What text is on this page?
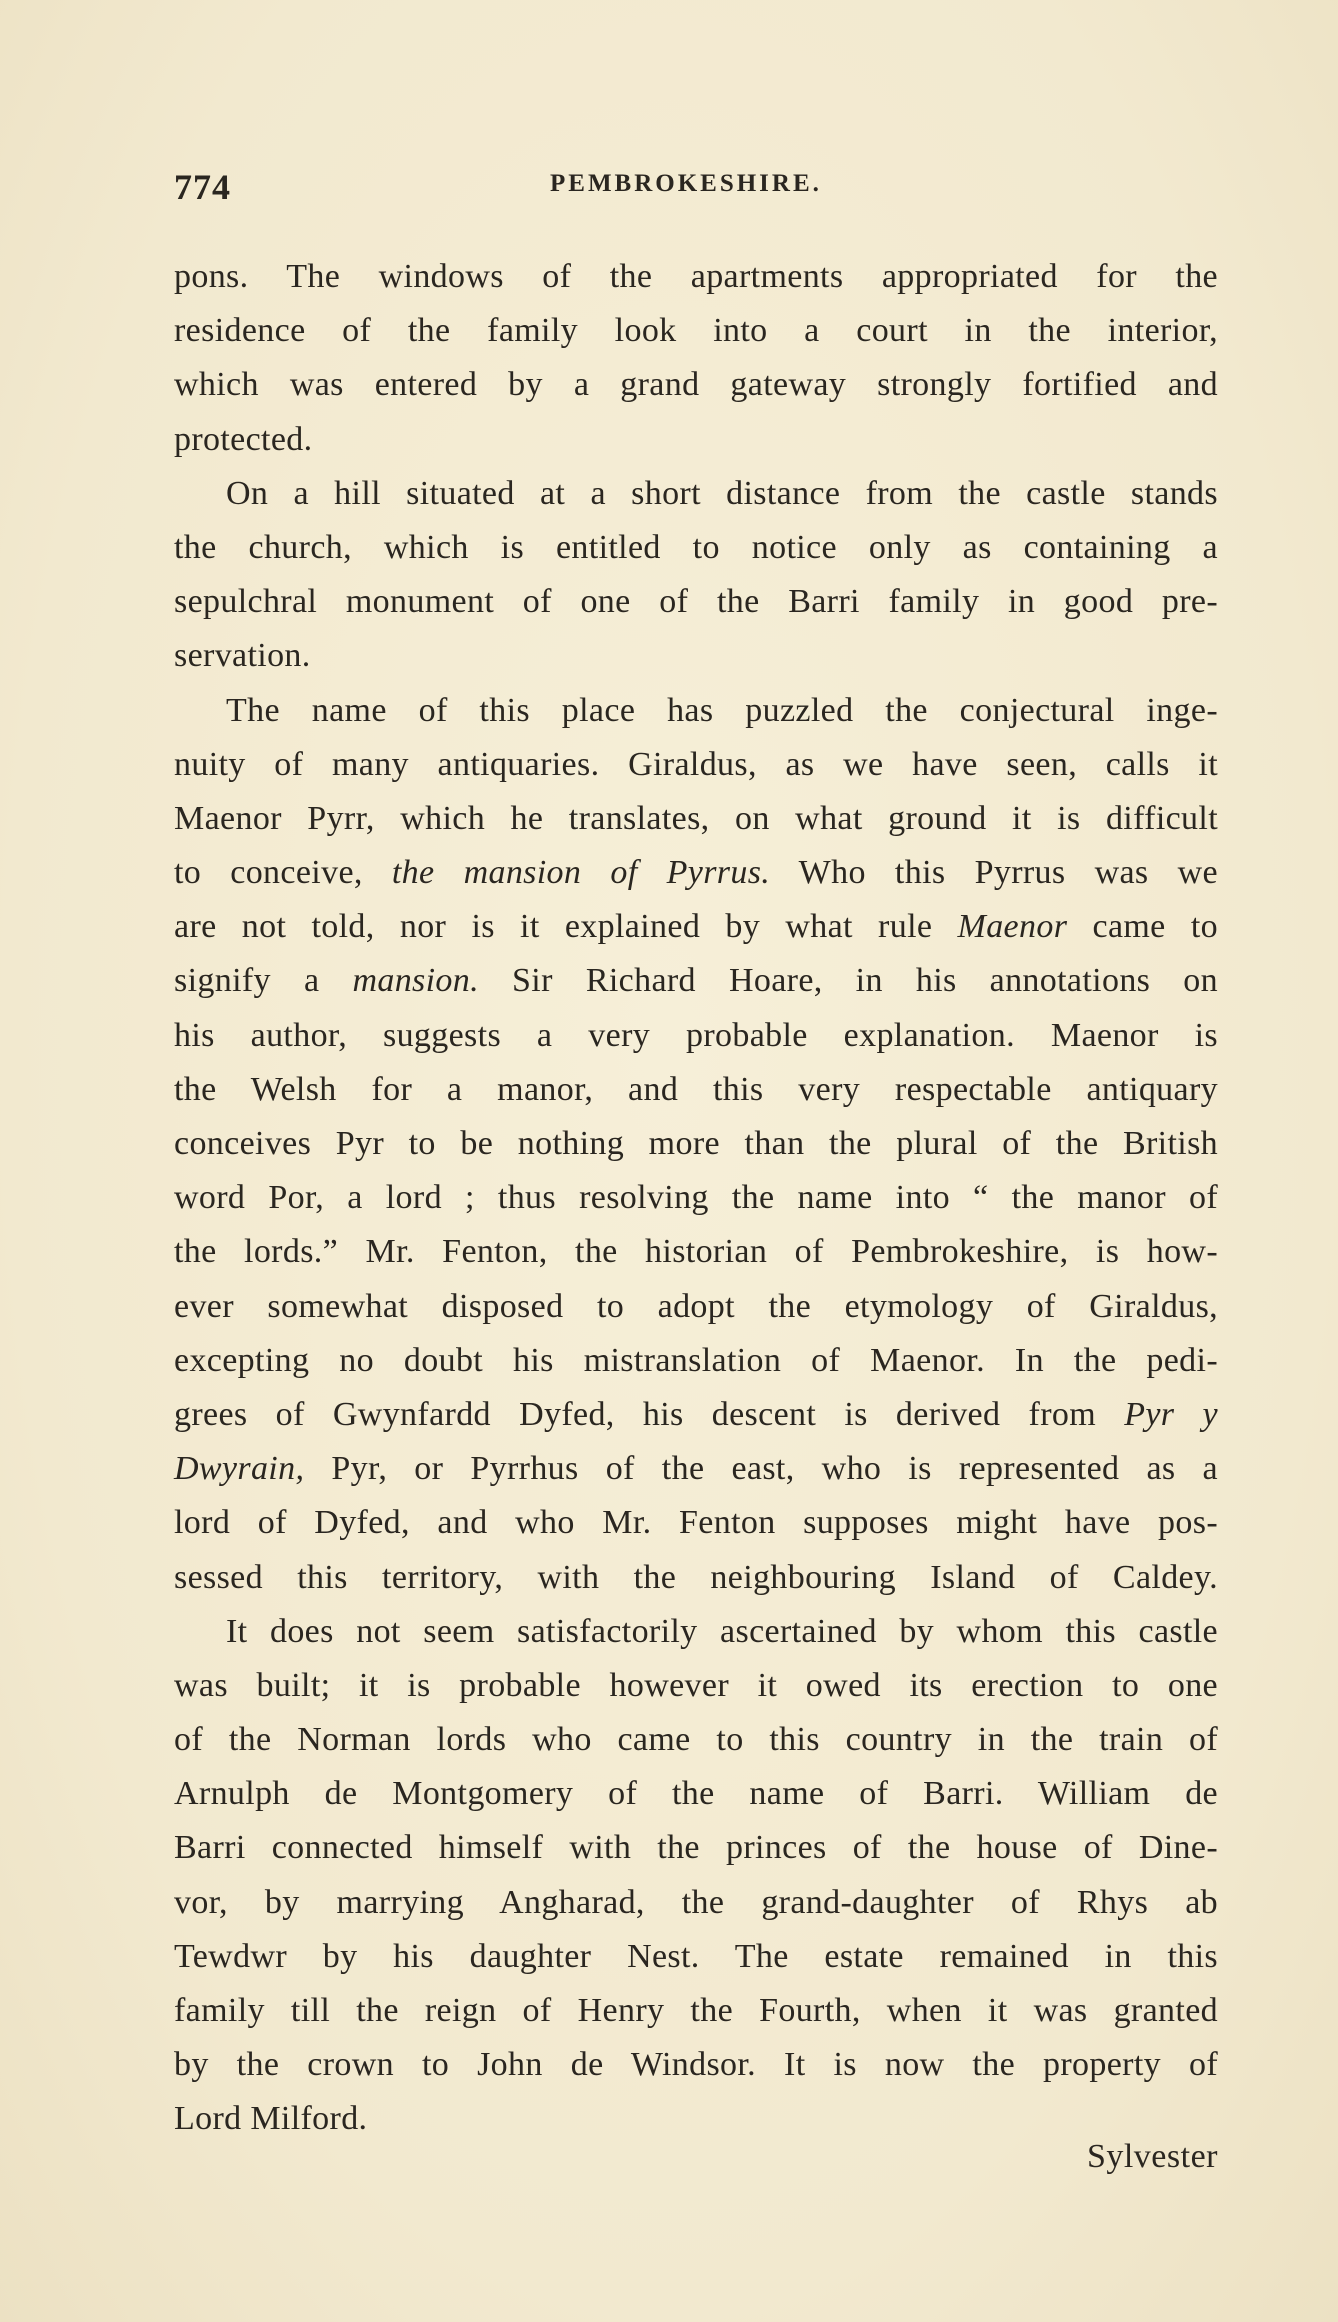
774	PEMBROKESHIRE.
pons. The windows of the apartments appropriated for the
residence of the family look into a court in the interior,
which was entered by a grand gateway strongly fortified and
protected.
On a hill situated at a short distance from the castle stands
the church, which is entitled to notice only as containing a
sepulchral monument of one of the Barri family in good pre-
servation.
The name of this place has puzzled the conjectural inge-
nuity of many antiquaries. Giraldus, as we have seen, calls it
Maenor Pyrr, which he translates, on what ground it is difficult
to conceive, the mansion of Pyrrus. Who this Pyrrus was we
are not told, nor is it explained by what rule Maenor came to
signify a mansion. Sir Richard Hoare, in his annotations on
his author, suggests a very probable explanation. Maenor is
the Welsh for a manor, and this very respectable antiquary
conceives Pyr to be nothing more than the plural of the British
word Por, a lord ; thus resolving the name into “ the manor of
the lords.” Mr. Fenton, the historian of Pembrokeshire, is how-
ever somewhat disposed to adopt the etymology of Giraldus,
excepting no doubt his mistranslation of Maenor. In the pedi-
grees of Gwynfardd Dyfed, his descent is derived from Pyr y
Dwyrain, Pyr, or Pyrrhus of the east, who is represented as a
lord of Dyfed, and who Mr. Fenton supposes might have pos-
sessed this territory, with the neighbouring Island of Caldey.
It does not seem satisfactorily ascertained by whom this castle
was built; it is probable however it owed its erection to one
of the Norman lords who came to this country in the train of
Arnulph de Montgomery of the name of Barri. William de
Barri connected himself with the princes of the house of Dine-
vor, by marrying Angharad, the grand-daughter of Rhys ab
Tewdwr by his daughter Nest. The estate remained in this
family till the reign of Henry the Fourth, when it was granted
by the crown to John de Windsor. It is now the property of
Lord Milford.
Sylvester
